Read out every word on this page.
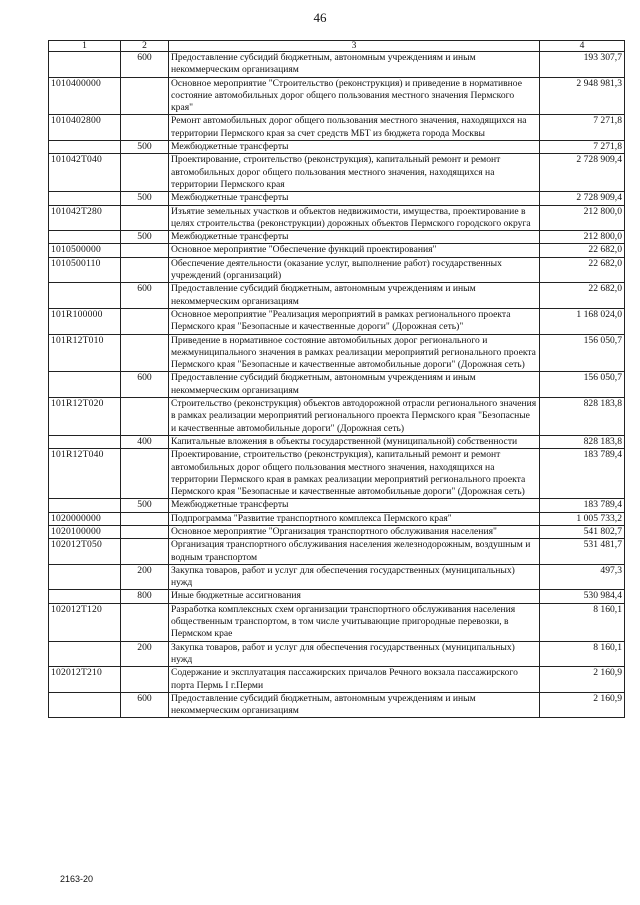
46
1	2	3	4
	600	Предоставление субсидий бюджетным, автономным учреждениям и иным некоммерческим организациям	193 307,7
1010400000		Основное мероприятие "Строительство (реконструкция) и приведение в нормативное состояние автомобильных дорог общего пользования местного значения Пермского края"	2 948 981,3
1010402800		Ремонт автомобильных дорог общего пользования местного значения, находящихся на территории Пермского края за счет средств МБТ из бюджета города Москвы	7 271,8
	500	Межбюджетные трансферты	7 271,8
101042Т040		Проектирование, строительство (реконструкция), капитальный ремонт и ремонт автомобильных дорог общего пользования местного значения, находящихся на территории Пермского края	2 728 909,4
	500	Межбюджетные трансферты	2 728 909,4
101042Т280		Изъятие земельных участков и объектов недвижимости, имущества, проектирование в целях строительства (реконструкции) дорожных объектов Пермского городского округа	212 800,0
	500	Межбюджетные трансферты	212 800,0
1010500000		Основное мероприятие "Обеспечение функций проектирования"	22 682,0
1010500110		Обеспечение деятельности (оказание услуг, выполнение работ) государственных учреждений (организаций)	22 682,0
	600	Предоставление субсидий бюджетным, автономным учреждениям и иным некоммерческим организациям	22 682,0
101R100000		Основное мероприятие "Реализация мероприятий в рамках регионального проекта Пермского края "Безопасные и качественные дороги" (Дорожная сеть)"	1 168 024,0
101R12Т010		Приведение в нормативное состояние автомобильных дорог регионального и межмуниципального значения в рамках реализации мероприятий регионального проекта Пермского края "Безопасные и качественные автомобильные дороги" (Дорожная сеть)	156 050,7
	600	Предоставление субсидий бюджетным, автономным учреждениям и иным некоммерческим организациям	156 050,7
101R12Т020		Строительство (реконструкция) объектов автодорожной отрасли регионального значения в рамках реализации мероприятий регионального проекта Пермского края "Безопасные и качественные автомобильные дороги" (Дорожная сеть)	828 183,8
	400	Капитальные вложения в объекты государственной (муниципальной) собственности	828 183,8
101R12Т040		Проектирование, строительство (реконструкция), капитальный ремонт и ремонт автомобильных дорог общего пользования местного значения, находящихся на территории Пермского края в рамках реализации мероприятий регионального проекта Пермского края "Безопасные и качественные автомобильные дороги" (Дорожная сеть)	183 789,4
	500	Межбюджетные трансферты	183 789,4
1020000000		Подпрограмма "Развитие транспортного комплекса Пермского края"	1 005 733,2
1020100000		Основное мероприятие "Организация транспортного обслуживания населения"	541 802,7
102012Т050		Организация транспортного обслуживания населения железнодорожным, воздушным и водным транспортом	531 481,7
	200	Закупка товаров, работ и услуг для обеспечения государственных (муниципальных) нужд	497,3
	800	Иные бюджетные ассигнования	530 984,4
102012Т120		Разработка комплексных схем организации транспортного обслуживания населения общественным транспортом, в том числе учитывающие пригородные перевозки, в Пермском крае	8 160,1
	200	Закупка товаров, работ и услуг для обеспечения государственных (муниципальных) нужд	8 160,1
102012Т210		Содержание и эксплуатация пассажирских причалов Речного вокзала пассажирского порта Пермь I г.Перми	2 160,9
	600	Предоставление субсидий бюджетным, автономным учреждениям и иным некоммерческим организациям	2 160,9
2163-20
